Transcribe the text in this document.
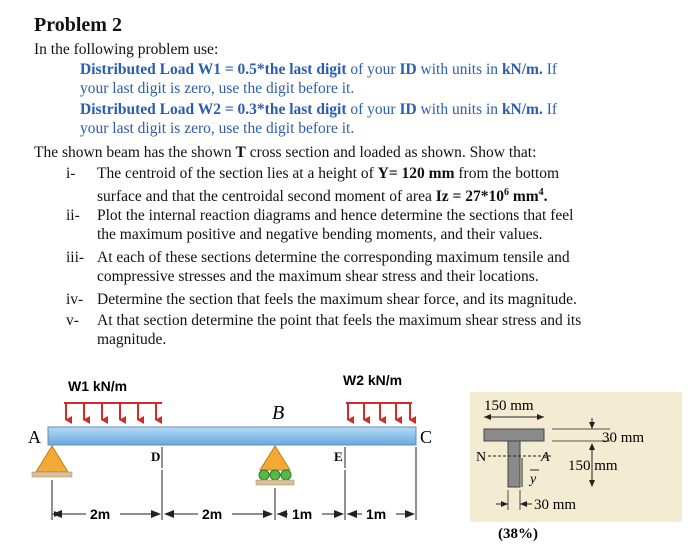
Problem 2
In the following problem use:
Distributed Load W1 = 0.5*the last digit of your ID with units in kN/m. If
your last digit is zero, use the digit before it.
Distributed Load W2 = 0.3*the last digit of your ID with units in kN/m. If
your last digit is zero, use the digit before it.
The shown beam has the shown T cross section and loaded as shown. Show that:
i- The centroid of the section lies at a height of Y= 120 mm from the bottom
surface and that the centroidal second moment of area $Iz = 27*10^6$ $mm^4$.
ii- Plot the internal reaction diagrams and hence determine the sections that feel
the maximum positive and negative bending moments, and their values.
iii- At each of these sections determine the corresponding maximum tensile and
compressive stresses and the maximum shear stress and their locations.
iv- Determine the section that feels the maximum shear force, and its magnitude.
v- At that section determine the point that feels the maximum shear stress and its
magnitude.
W1 kN/m	W2 kN/m
A
B
C
D	E
2m	2m	1m	1m
150 mm
N	A
y
30 mm
150 mm
30 mm
(38%)
